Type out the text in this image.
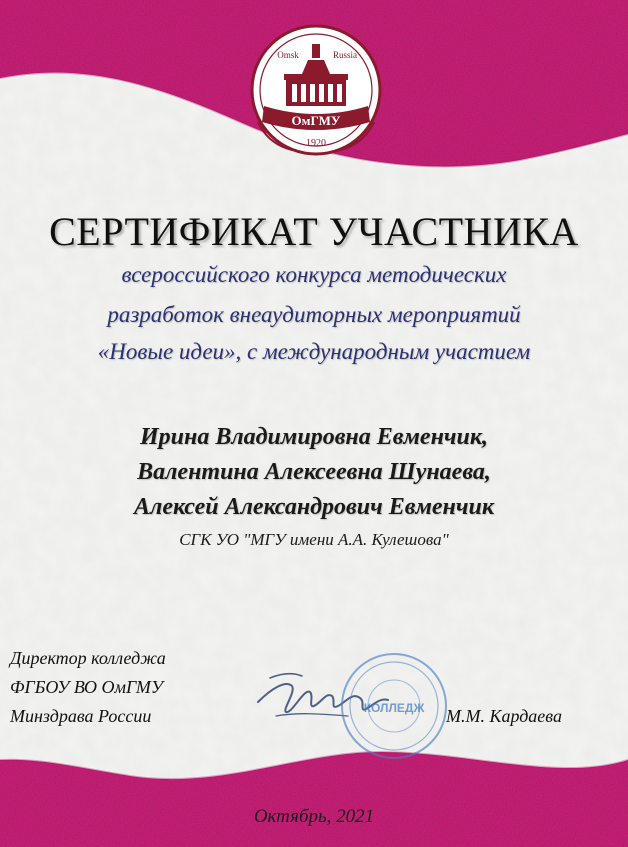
Omsk	Russia
ОмГМУ
1920
СЕРТИФИКАТ УЧАСТНИКА
всероссийского конкурса методических
разработок внеаудиторных мероприятий
«Новые идеи», с международным участием
Ирина Владимировна Евменчик,
Валентина Алексеевна Шунаева,
Алексей Александрович Евменчик
СГК УО "МГУ имени А.А. Кулешова"
Директор колледжа
ФГБОУ ВО ОмГМУ
Минздрава России	КОЛЛЕДЖ М.М. Кардаева
Октябрь, 2021
